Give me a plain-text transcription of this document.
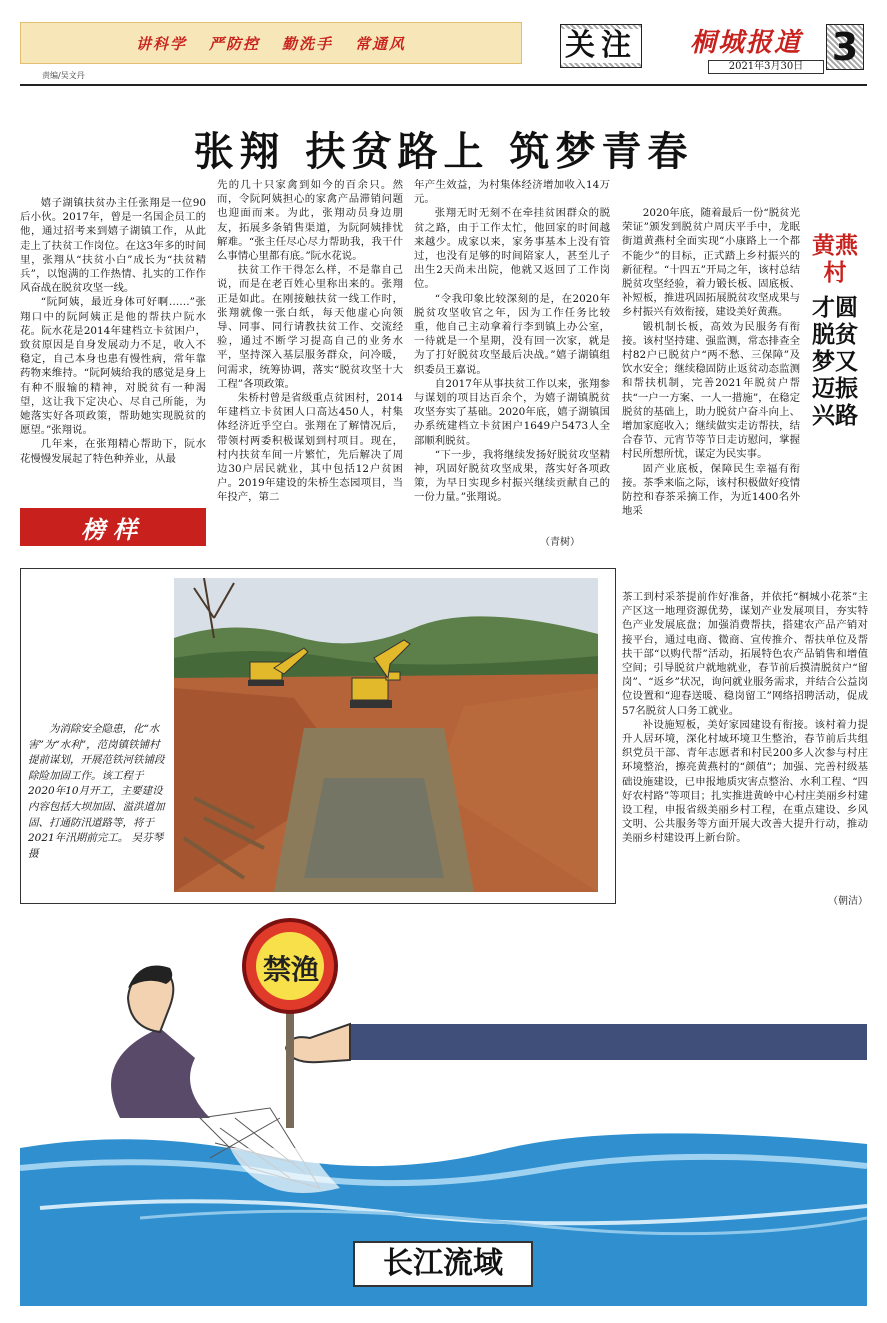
讲科学 严防控 勤洗手 常通风
责编/吴文丹
关注 桐城报道
2021年3月30日 3
张翔 扶贫路上 筑梦青春

嬉子湖镇扶贫办主任张翔是一位90后小伙。2017年，曾是一名国企员工的他，通过招考来到嬉子湖镇工作，从此走上了扶贫工作岗位。在这3年多的时间里，张翔从“扶贫小白”成长为“扶贫精兵”，以饱满的工作热情、扎实的工作作风奋战在脱贫攻坚一线。

“阮阿姨，最近身体可好啊……”张翔口中的阮阿姨正是他的帮扶户阮水花。阮水花是2014年建档立卡贫困户，致贫原因是自身发展动力不足，收入不稳定，自己本身也患有慢性病，常年靠药物来维持。“阮阿姨给我的感觉是身上有种不服输的精神，对脱贫有一种渴望，这让我下定决心、尽自己所能，为她落实好各项政策，帮助她实现脱贫的愿望。”张翔说。

几年来，在张翔精心帮助下，阮水花慢慢发展起了特色种养业，从最

榜样

先的几十只家禽到如今的百余只。然而，令阮阿姨担心的家禽产品滞销问题也迎面而来。为此，张翔动员身边朋友，拓展多条销售渠道，为阮阿姨排忧解难。“张主任尽心尽力帮助我，我干什么事情心里都有底。”阮水花说。

扶贫工作干得怎么样，不是靠自己说，而是在老百姓心里称出来的。张翔正是如此。在刚接触扶贫一线工作时，张翔就像一张白纸，每天他虚心向领导、同事、同行请教扶贫工作、交流经验，通过不断学习提高自己的业务水平，坚持深入基层服务群众，问冷暖，问需求，统筹协调，落实“脱贫攻坚十大工程”各项政策。

朱桥村曾是省级重点贫困村，2014年建档立卡贫困人口高达450人，村集体经济近乎空白。张翔在了解情况后，带领村两委积极谋划到村项目。现在，村内扶贫车间一片繁忙，先后解决了周边30户居民就业，其中包括12户贫困户。2019年建设的朱桥生态园项目，当年投产，第二

年产生效益，为村集体经济增加收入14万元。

张翔无时无刻不在牵挂贫困群众的脱贫之路，由于工作太忙，他回家的时间越来越少。成家以来，家务事基本上没有管过，也没有足够的时间陪家人，甚至儿子出生2天尚未出院，他就又返回了工作岗位。

“令我印象比较深刻的是，在2020年脱贫攻坚收官之年，因为工作任务比较重，他自己主动拿着行李到镇上办公室，一待就是一个星期，没有回一次家，就是为了打好脱贫攻坚最后决战。”嬉子湖镇组织委员王嘉说。

自2017年从事扶贫工作以来，张翔参与谋划的项目达百余个，为嬉子湖镇脱贫攻坚夯实了基础。2020年底，嬉子湖镇国办系统建档立卡贫困户1649户5473人全部顺利脱贫。

“下一步，我将继续发扬好脱贫攻坚精神，巩固好脱贫攻坚成果，落实好各项政策，为早日实现乡村振兴继续贡献自己的一份力量。”张翔说。

（青树）

2020年底，随着最后一份“脱贫光荣证”颁发到脱贫户周庆平手中，龙眠街道黄燕村全面实现“小康路上一个都不能少”的目标，正式踏上乡村振兴的新征程。“十四五”开局之年，该村总结脱贫攻坚经验，着力锻长板、固底板、补短板，推进巩固拓展脱贫攻坚成果与乡村振兴有效衔接，建设美好黄燕。

锻机制长板，高效为民服务有衔接。该村坚持建、强监测，常态排查全村82户已脱贫户“两不愁、三保障”及饮水安全；继续稳固防止返贫动态监测和帮扶机制，完善2021年脱贫户帮扶“一户一方案、一人一措施”，在稳定脱贫的基础上，助力脱贫户奋斗向上、增加家庭收入；继续做实走访帮扶，结合春节、元宵节等节日走访慰问，掌握村民所想所忧，谋定为民实事。

固产业底板，保障民生幸福有衔接。茶季来临之际，该村积极做好疫情防控和春茶采摘工作，为近1400名外地采

黄燕村
才圆脱贫梦又迈振兴路

茶工到村采茶提前作好准备，并依托“桐城小花茶”主产区这一地理资源优势，谋划产业发展项目，夯实特色产业发展底盘；加强消费帮扶，搭建农产品产销对接平台，通过电商、微商、宣传推介、帮扶单位及帮扶干部“以购代帮”活动，拓展特色农产品销售和增值空间；引导脱贫户就地就业，春节前后摸清脱贫户“留岗”、“返乡”状况，询问就业服务需求，并结合公益岗位设置和“迎春送暖、稳岗留工”网络招聘活动，促成57名脱贫人口务工就业。

补设施短板，美好家园建设有衔接。该村着力提升人居环境，深化村域环境卫生整治，春节前后共组织党员干部、青年志愿者和村民200多人次参与村庄环境整治，擦亮黄燕村的“颜值”；加强、完善村级基础设施建设，已申报地质灾害点整治、水利工程、“四好农村路”等项目；扎实推进黄岭中心村庄美丽乡村建设工程，申报省级美丽乡村工程，在重点建设、乡风文明、公共服务等方面开展大改善大提升行动，推动美丽乡村建设再上新台阶。

（朝洁）
为消除安全隐患，化“水害”为“水利”，范岗镇铁铺村提前谋划，开展范铁河铁铺段除险加固工作。该工程于2020年10月开工，主要建设内容包括大坝加固、溢洪道加固、打通防汛道路等，将于2021年汛期前完工。 吴芬琴 摄
禁渔
长江流域
